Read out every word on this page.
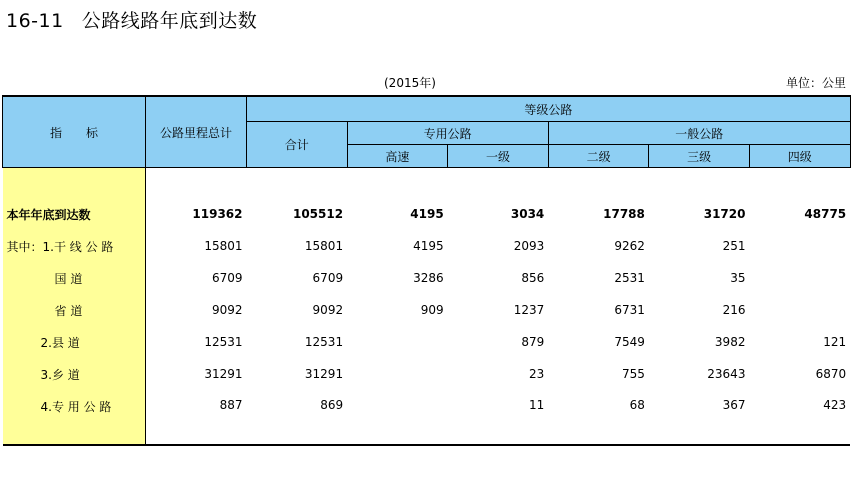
16-11 公路线路年底到达数
(2015年)	单位：公里
指　　标	公路里程总计	等级公路					
		合计	专用公路		一般公路		
			高速	一级	二级	三级	四级

本年年底到达数	119362	105512	4195	3034	17788	31720	48775
其中：1.干 线 公 路	15801	15801	4195	2093	9262	251	
国 道	6709	6709	3286	856	2531	35	
省 道	9092	9092	909	1237	6731	216	
2.县 道	12531	12531		879	7549	3982	121
3.乡 道	31291	31291		23	755	23643	6870
4.专 用 公 路	887	869		11	68	367	423
